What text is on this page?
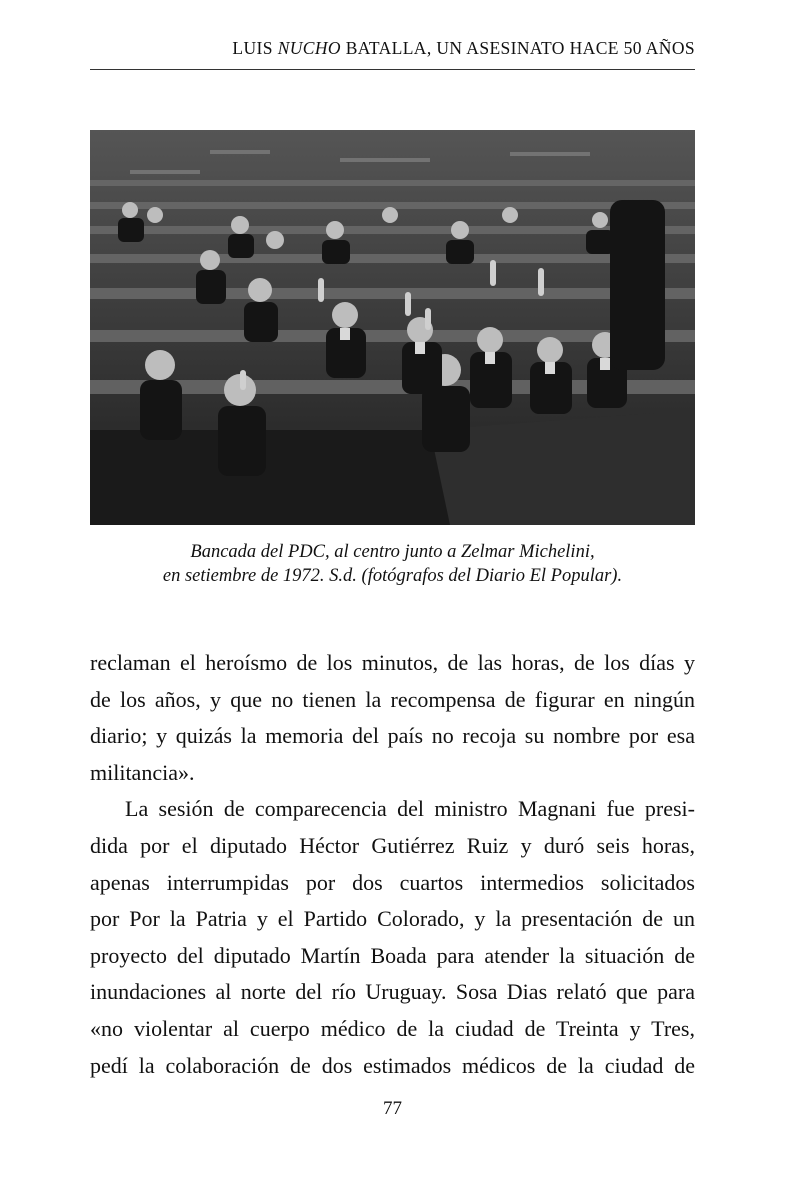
LUIS NUCHO BATALLA, UN ASESINATO HACE 50 AÑOS
Bancada del PDC, al centro junto a Zelmar Michelini,
en setiembre de 1972. S.d. (fotógrafos del Diario El Popular).

reclaman el heroísmo de los minutos, de las horas, de los días y
de los años, y que no tienen la recompensa de figurar en ningún
diario; y quizás la memoria del país no recoja su nombre por esa
militancia».

La sesión de comparecencia del ministro Magnani fue presi-
dida por el diputado Héctor Gutiérrez Ruiz y duró seis horas,
apenas interrumpidas por dos cuartos intermedios solicitados
por Por la Patria y el Partido Colorado, y la presentación de un
proyecto del diputado Martín Boada para atender la situación de
inundaciones al norte del río Uruguay. Sosa Dias relató que para
«no violentar al cuerpo médico de la ciudad de Treinta y Tres,
pedí la colaboración de dos estimados médicos de la ciudad de

77
